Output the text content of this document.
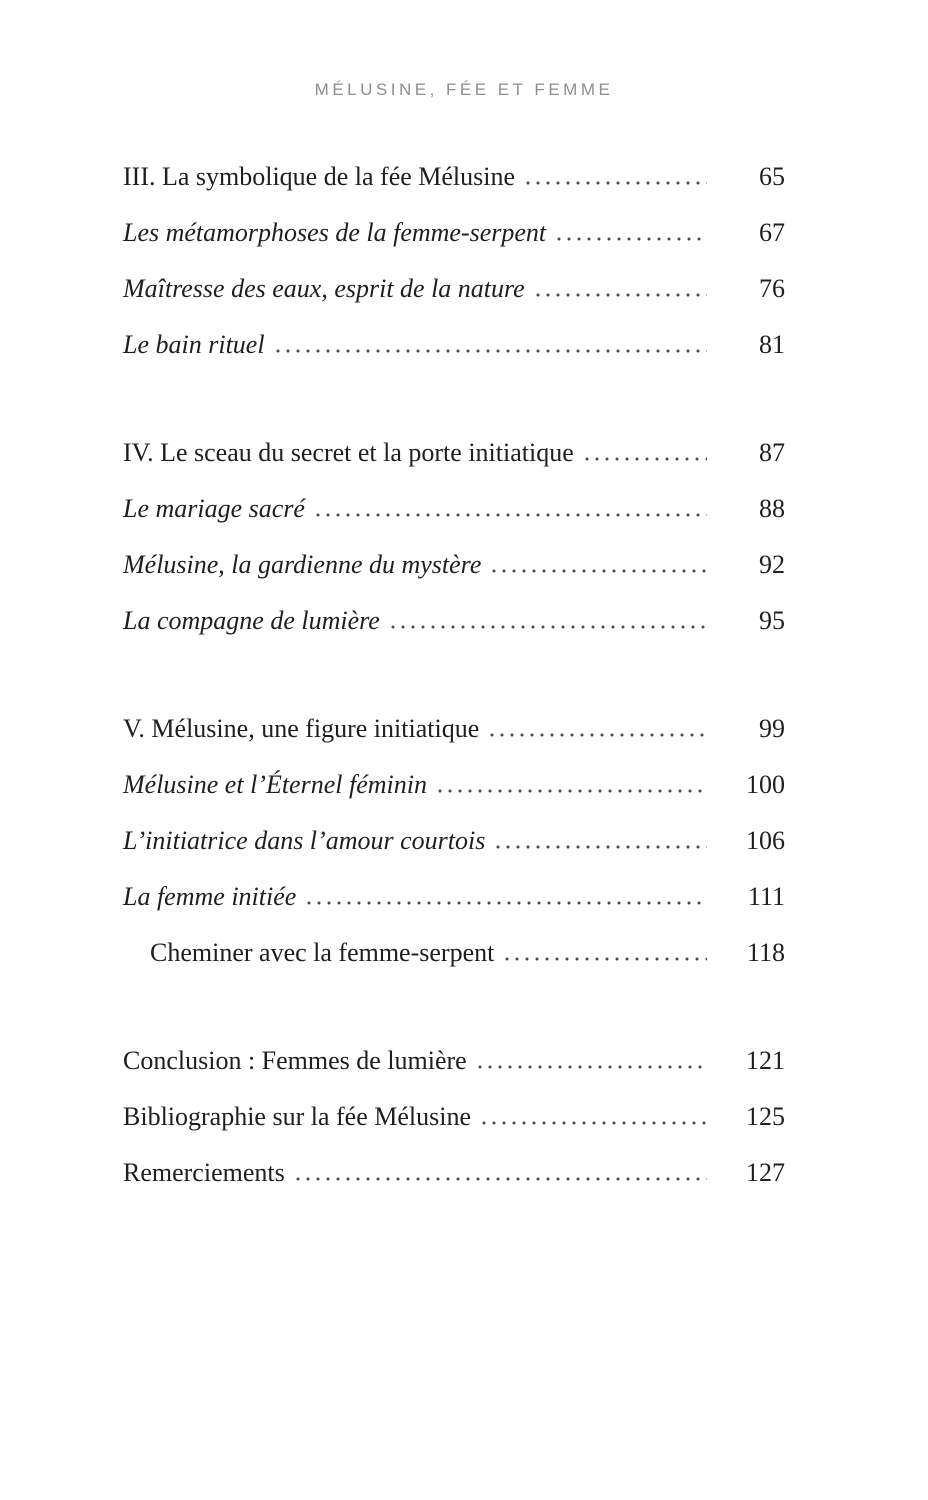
MÉLUSINE, FÉE ET FEMME
III. La symbolique de la fée Mélusine	65
Les métamorphoses de la femme-serpent	67
Maîtresse des eaux, esprit de la nature	76
Le bain rituel	81
IV. Le sceau du secret et la porte initiatique	87
Le mariage sacré	88
Mélusine, la gardienne du mystère	92
La compagne de lumière	95
V. Mélusine, une figure initiatique	99
Mélusine et l’Éternel féminin	100
L’initiatrice dans l’amour courtois	106
La femme initiée	111
Cheminer avec la femme-serpent	118
Conclusion : Femmes de lumière	121
Bibliographie sur la fée Mélusine	125
Remerciements	127
